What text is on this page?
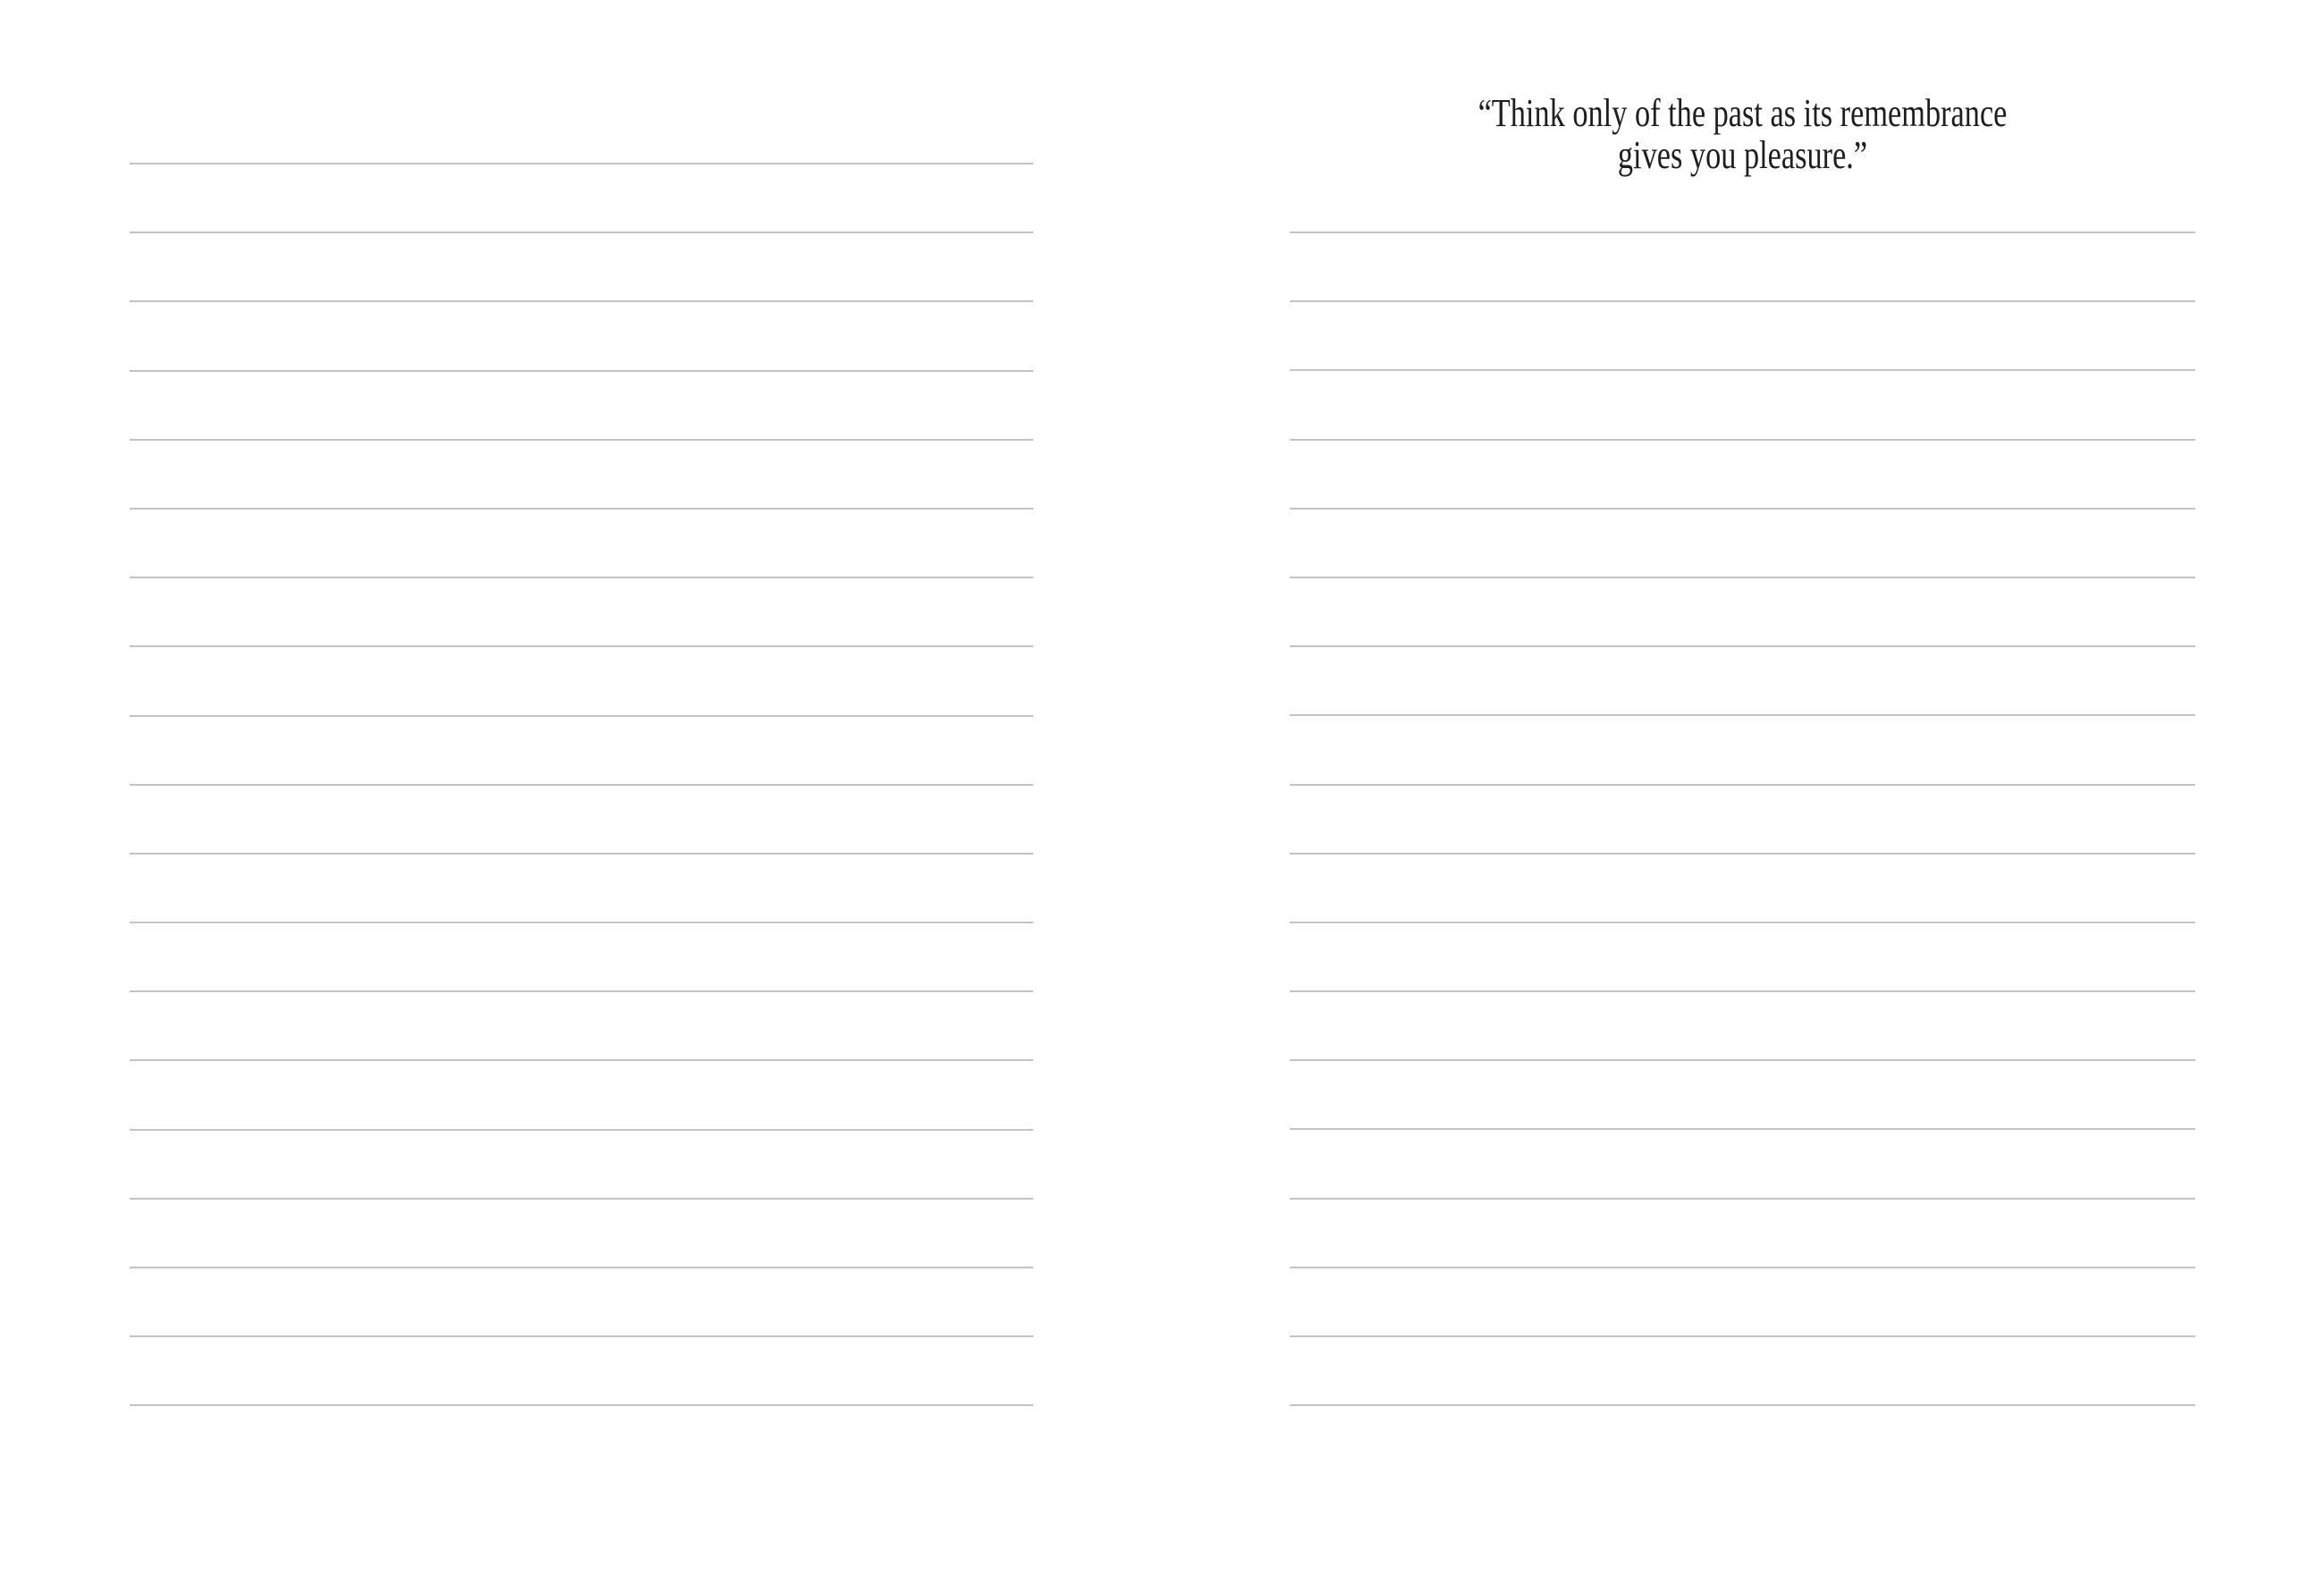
“Think only of the past as its remembrance
gives you pleasure.”
